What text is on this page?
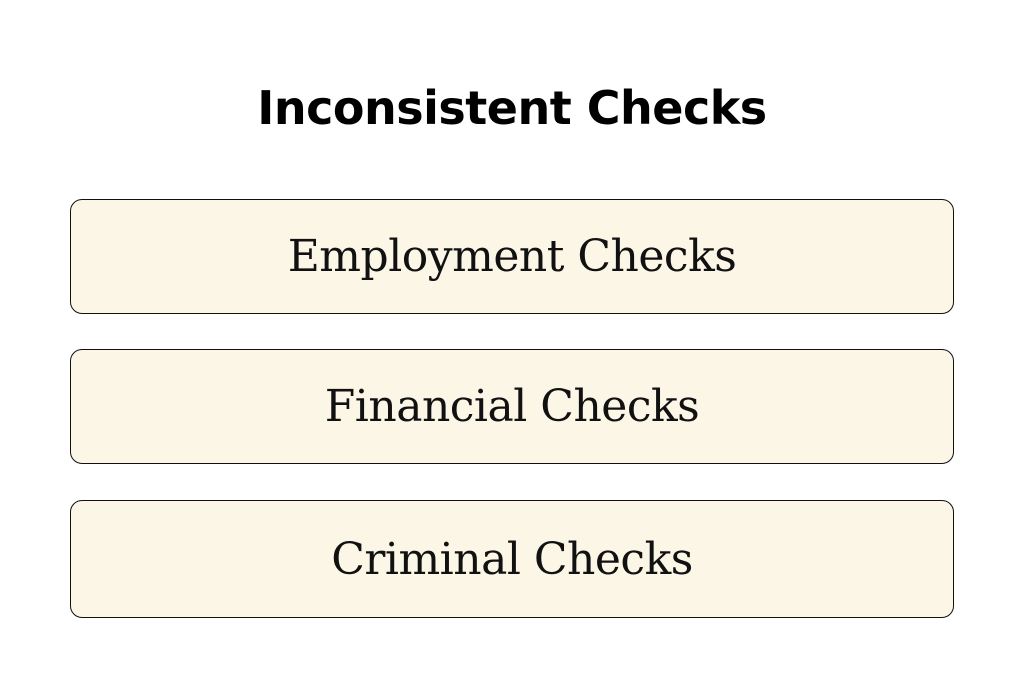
Inconsistent Checks
Employment Checks
Financial Checks
Criminal Checks
